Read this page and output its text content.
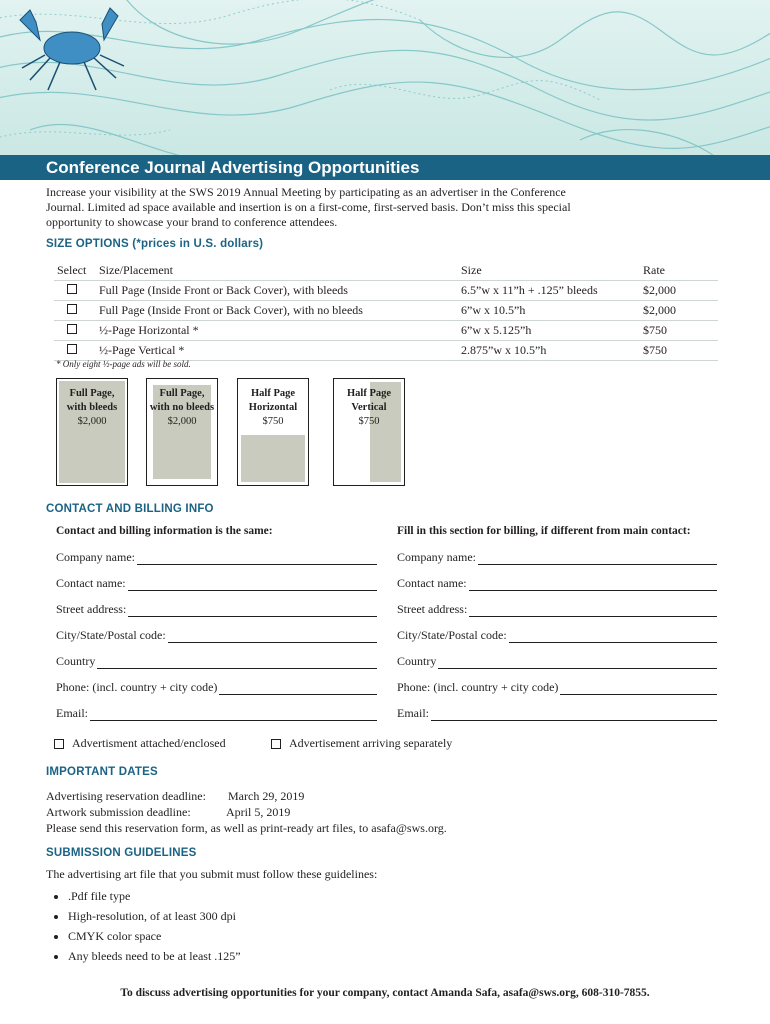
Conference Journal Advertising Opportunities

Increase your visibility at the SWS 2019 Annual Meeting by participating as an advertiser in the Conference Journal. Limited ad space available and insertion is on a first-come, first-served basis. Don’t miss this special opportunity to showcase your brand to conference attendees.

SIZE OPTIONS (*prices in U.S. dollars)
Select	Size/Placement	Size	Rate
	Full Page (Inside Front or Back Cover), with bleeds	6.5”w x 11”h + .125” bleeds	$2,000
	Full Page (Inside Front or Back Cover), with no bleeds	6”w x 10.5”h	$2,000
	½-Page Horizontal *	6”w x 5.125”h	$750
	½-Page Vertical *	2.875”w x 10.5”h	$750

* Only eight ½-page ads will be sold.

Full Page,
with bleeds
$2,000
Full Page,
with no bleeds
$2,000
Half Page
Horizontal
$750
Half Page
Vertical
$750
CONTACT AND BILLING INFO

Contact and billing information is the same:	Fill in this section for billing, if different from main contact:

Company name:
Contact name:
Street address:
City/State/Postal code:
Country
Phone: (incl. country + city code)
Email:
Company name:
Contact name:
Street address:
City/State/Postal code:
Country
Phone: (incl. country + city code)
Email:
Advertisment attached/enclosed	Advertisement arriving separately
IMPORTANT DATES
Advertising reservation deadline: March 29, 2019
Artwork submission deadline:	April 5, 2019
Please send this reservation form, as well as print-ready art files, to asafa@sws.org.
SUBMISSION GUIDELINES
The advertising art file that you submit must follow these guidelines:
• .Pdf file type
• High-resolution, of at least 300 dpi
• CMYK color space
• Any bleeds need to be at least .125”

To discuss advertising opportunities for your company, contact Amanda Safa, asafa@sws.org, 608-310-7855.
